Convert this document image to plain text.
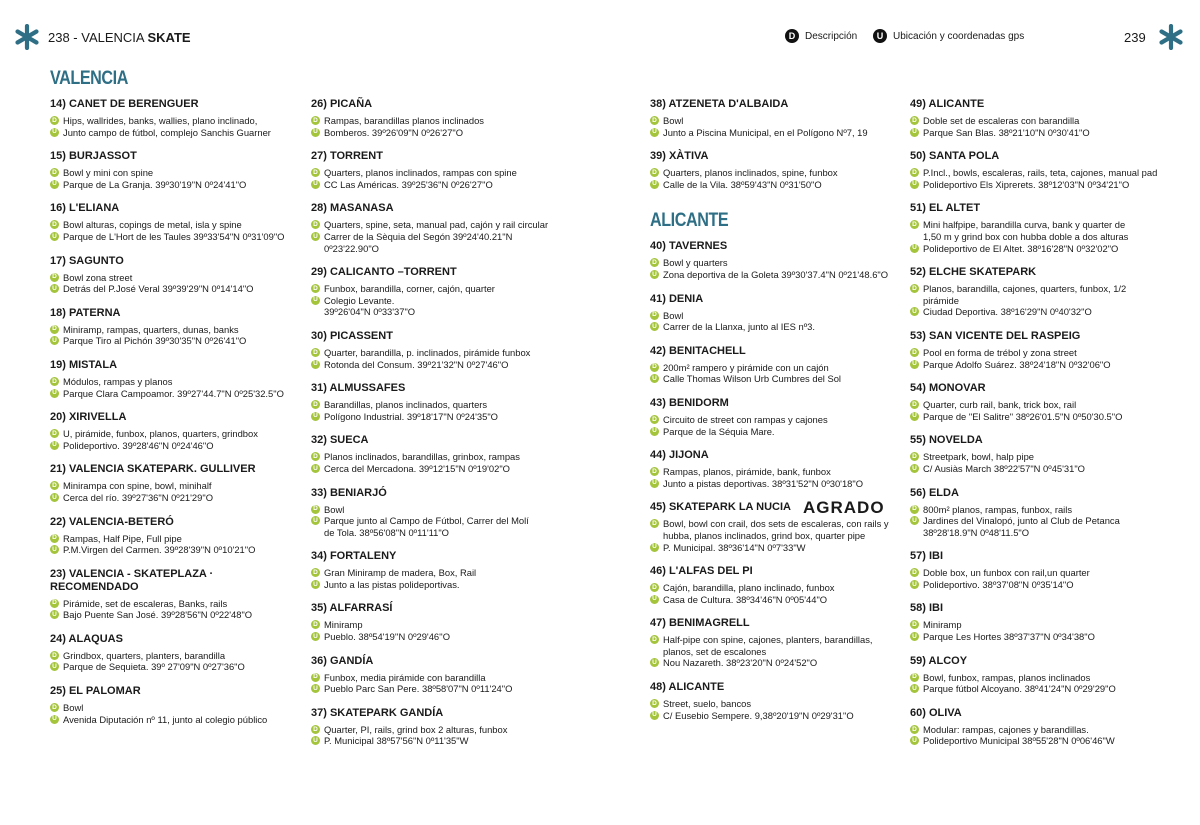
238 - VALENCIA SKATE	D Descripción	U Ubicación y coordenadas gps	239
VALENCIA
14) CANET DE BERENGUER
D Hips, wallrides, banks, wallies, plano inclinado,
U Junto campo de fútbol, complejo Sanchis Guarner
15) BURJASSOT
D Bowl y mini con spine
U Parque de La Granja. 39º30'19"N 0º24'41"O
16) L'ELIANA
D Bowl alturas, copings de metal, isla y spine
U Parque de L'Hort de les Taules 39º33'54"N 0º31'09"O
17) SAGUNTO
D Bowl zona street
U Detrás del P.José Veral 39º39'29"N 0º14'14"O
18) PATERNA
D Miniramp, rampas, quarters, dunas, banks
U Parque Tiro al Pichón 39º30'35"N 0º26'41"O
19) MISTALA
D Módulos, rampas y planos
U Parque Clara Campoamor. 39º27'44.7"N 0º25'32.5"O
20) XIRIVELLA
D U, pirámide, funbox, planos, quarters, grindbox
U Polideportivo. 39º28'46"N 0º24'46"O
21) VALENCIA SKATEPARK. GULLIVER
D Minirampa con spine, bowl, minihalf
U Cerca del río. 39º27'36"N 0º21'29"O
22) VALENCIA-BETERÓ
D Rampas, Half Pipe, Full pipe
U P.M.Virgen del Carmen. 39º28'39"N 0º10'21"O
23) VALENCIA - SKATEPLAZA · RECOMENDADO
D Pirámide, set de escaleras, Banks, rails
U Bajo Puente San José. 39º28'56"N 0º22'48"O
24) ALAQUAS
D Grindbox, quarters, planters, barandilla
U Parque de Sequieta. 39º 27'09"N 0º27'36"O
25) EL PALOMAR
D Bowl
U Avenida Diputación nº 11, junto al colegio público
26) PICAÑA
D Rampas, barandillas planos inclinados
U Bomberos. 39º26'09"N 0º26'27"O
27) TORRENT
D Quarters, planos inclinados, rampas con spine
U CC Las Américas. 39º25'36"N 0º26'27"O
28) MASANASA
D Quarters, spine, seta, manual pad, cajón y rail circular
U Carrer de la Sèquia del Segón 39º24'40.21"N 0º23'22.90"O
29) CALICANTO –TORRENT
D Funbox, barandilla, corner, cajón, quarter
U Colegio Levante.
39º26'04"N 0º33'37"O
30) PICASSENT
D Quarter, barandilla, p. inclinados, pirámide funbox
U Rotonda del Consum. 39º21'32"N 0º27'46"O
31) ALMUSSAFES
D Barandillas, planos inclinados, quarters
U Polígono Industrial. 39º18'17"N 0º24'35"O
32) SUECA
D Planos inclinados, barandillas, grinbox, rampas
U Cerca del Mercadona. 39º12'15"N 0º19'02"O
33) BENIARJÓ
D Bowl
U Parque junto al Campo de Fútbol, Carrer del Molí
de Tola. 38º56'08"N 0º11'11"O
34) FORTALENY
D Gran Miniramp de madera, Box, Rail
U Junto a las pistas polideportivas.
35) ALFARRASÍ
D Miniramp
U Pueblo. 38º54'19''N 0º29'46''O
36) GANDÍA
D Funbox, media pirámide con barandilla
U Pueblo Parc San Pere. 38º58'07"N 0º11'24"O
37) SKATEPARK GANDÍA
D Quarter, PI, rails, grind box 2 alturas, funbox
U P. Municipal 38º57'56"N 0º11'35"W
38) ATZENETA D'ALBAIDA
D Bowl
U Junto a Piscina Municipal, en el Polígono Nº7, 19
39) XÀTIVA
D Quarters, planos inclinados, spine, funbox
U Calle de la Vila. 38º59'43"N 0º31'50"O
ALICANTE
40) TAVERNES
D Bowl y quarters
U Zona deportiva de la Goleta 39º30'37.4"N 0º21'48.6"O
41) DENIA
D Bowl
U Carrer de la Llanxa, junto al IES nº3.
42) BENITACHELL
D 200m² rampero y pirámide con un cajón
U Calle Thomas Wilson Urb Cumbres del Sol
43) BENIDORM
D Circuito de street con rampas y cajones
U Parque de la Séquia Mare.
44) JIJONA
D Rampas, planos, pirámide, bank, funbox
U Junto a pistas deportivas. 38º31'52"N 0º30'18"O
45) SKATEPARK LA NUCIA AGRADO
D Bowl, bowl con crail, dos sets de escaleras, con rails y
hubba, planos inclinados, grind box, quarter pipe
U P. Municipal. 38º36'14"N 0º7'33"W
46) L'ALFAS DEL PI
D Cajón, barandilla, plano inclinado, funbox
U Casa de Cultura. 38º34'46"N 0º05'44"O
47) BENIMAGRELL
D Half-pipe con spine, cajones, planters, barandillas,
planos, set de escalones
U Nou Nazareth. 38º23'20"N 0º24'52"O
48) ALICANTE
D Street, suelo, bancos
U C/ Eusebio Sempere. 9,38º20'19"N 0º29'31"O
49) ALICANTE
D Doble set de escaleras con barandilla
U Parque San Blas. 38º21'10"N 0º30'41"O
50) SANTA POLA
D P.Incl., bowls, escaleras, rails, teta, cajones, manual pad
U Polideportivo Els Xiprerets. 38º12'03"N 0º34'21"O
51) EL ALTET
D Mini halfpipe, barandilla curva, bank y quarter de
1,50 m y grind box con hubba doble a dos alturas
U Polideportivo de El Altet. 38º16'28"N 0º32'02"O
52) ELCHE SKATEPARK
D Planos, barandilla, cajones, quarters, funbox, 1/2 pirámide
U Ciudad Deportiva. 38º16'29"N 0º40'32"O
53) SAN VICENTE DEL RASPEIG
D Pool en forma de trébol y zona street
U Parque Adolfo Suárez. 38º24'18"N 0º32'06"O
54) MONOVAR
D Quarter, curb rail, bank, trick box, rail
U Parque de "El Salitre" 38º26'01.5"N 0º50'30.5"O
55) NOVELDA
D Streetpark, bowl, halp pipe
U C/ Ausiàs March 38º22'57"N 0º45'31"O
56) ELDA
D 800m² planos, rampas, funbox, rails
U Jardines del Vinalopó, junto al Club de Petanca
38º28'18.9"N 0º48'11.5"O
57) IBI
D Doble box, un funbox con rail,un quarter
U Polideportivo. 38º37'08"N 0º35'14"O
58) IBI
D Miniramp
U Parque Les Hortes 38º37'37"N 0º34'38"O
59) ALCOY
D Bowl, funbox, rampas, planos inclinados
U Parque fútbol Alcoyano. 38º41'24"N 0º29'29"O
60) OLIVA
D Modular: rampas, cajones y barandillas.
U Polideportivo Municipal 38º55'28"N 0º06'46"W
